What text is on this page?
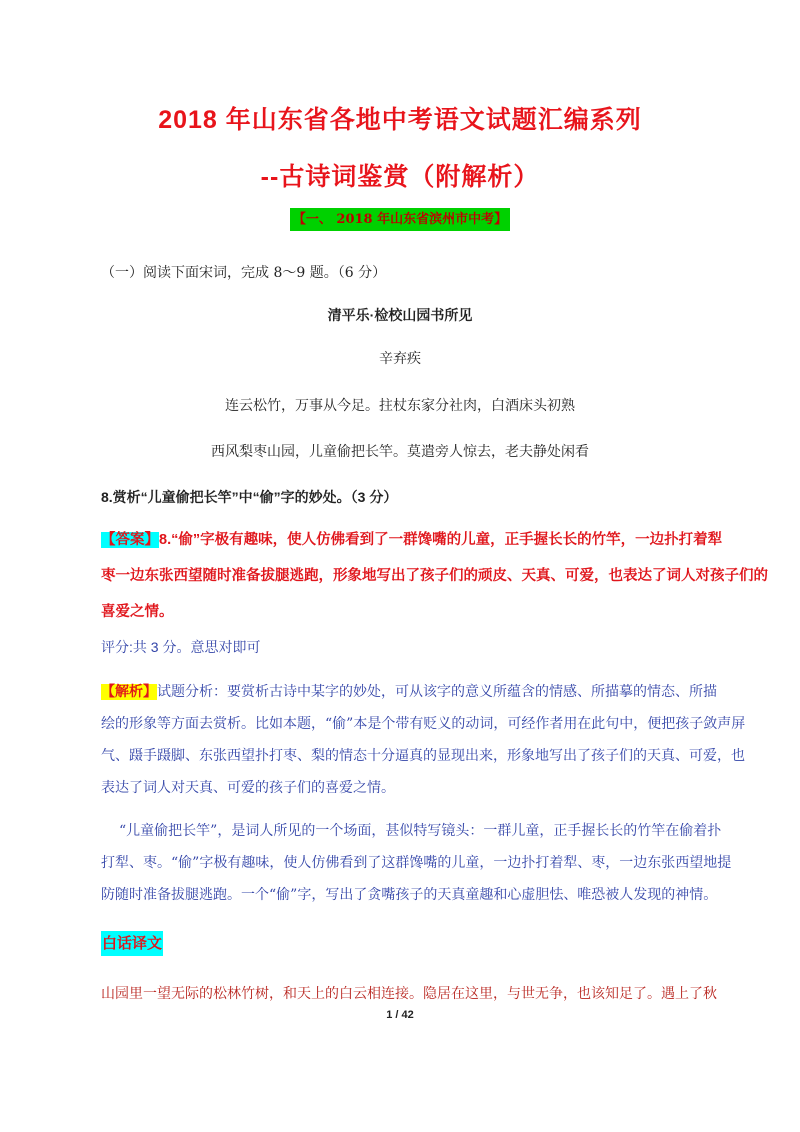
2018 年山东省各地中考语文试题汇编系列
--古诗词鉴赏（附解析）
【一、 2018 年山东省滨州市中考】
（一）阅读下面宋词，完成 8～9 题。（6 分）
清平乐·检校山园书所见
辛弃疾
连云松竹，万事从今足。拄杖东家分社肉，白酒床头初熟
西风梨枣山园，儿童偷把长竿。莫遣旁人惊去，老夫静处闲看
8.赏析“儿童偷把长竿”中“偷”字的妙处。（3 分）
【答案】8.“偷”字极有趣味，使人仿佛看到了一群馋嘴的儿童，正手握长长的竹竿，一边扑打着犁
枣一边东张西望随时准备拔腿逃跑，形象地写出了孩子们的顽皮、天真、可爱，也表达了词人对孩子们的
喜爱之情。
评分:共 3 分。意思对即可
【解析】试题分析：要赏析古诗中某字的妙处，可从该字的意义所蕴含的情感、所描摹的情态、所描
绘的形象等方面去赏析。比如本题，“偷”本是个带有贬义的动词，可经作者用在此句中，便把孩子敛声屏
气、蹑手蹑脚、东张西望扑打枣、梨的情态十分逼真的显现出来，形象地写出了孩子们的天真、可爱，也
表达了词人对天真、可爱的孩子们的喜爱之情。
“儿童偷把长竿”，是词人所见的一个场面，甚似特写镜头：一群儿童，正手握长长的竹竿在偷着扑
打犁、枣。“偷”字极有趣味，使人仿佛看到了这群馋嘴的儿童，一边扑打着犁、枣，一边东张西望地提
防随时准备拔腿逃跑。一个“偷”字，写出了贪嘴孩子的天真童趣和心虚胆怯、唯恐被人发现的神情。
白话译文
山园里一望无际的松林竹树，和天上的白云相连接。隐居在这里，与世无争，也该知足了。遇上了秋
1 / 42
